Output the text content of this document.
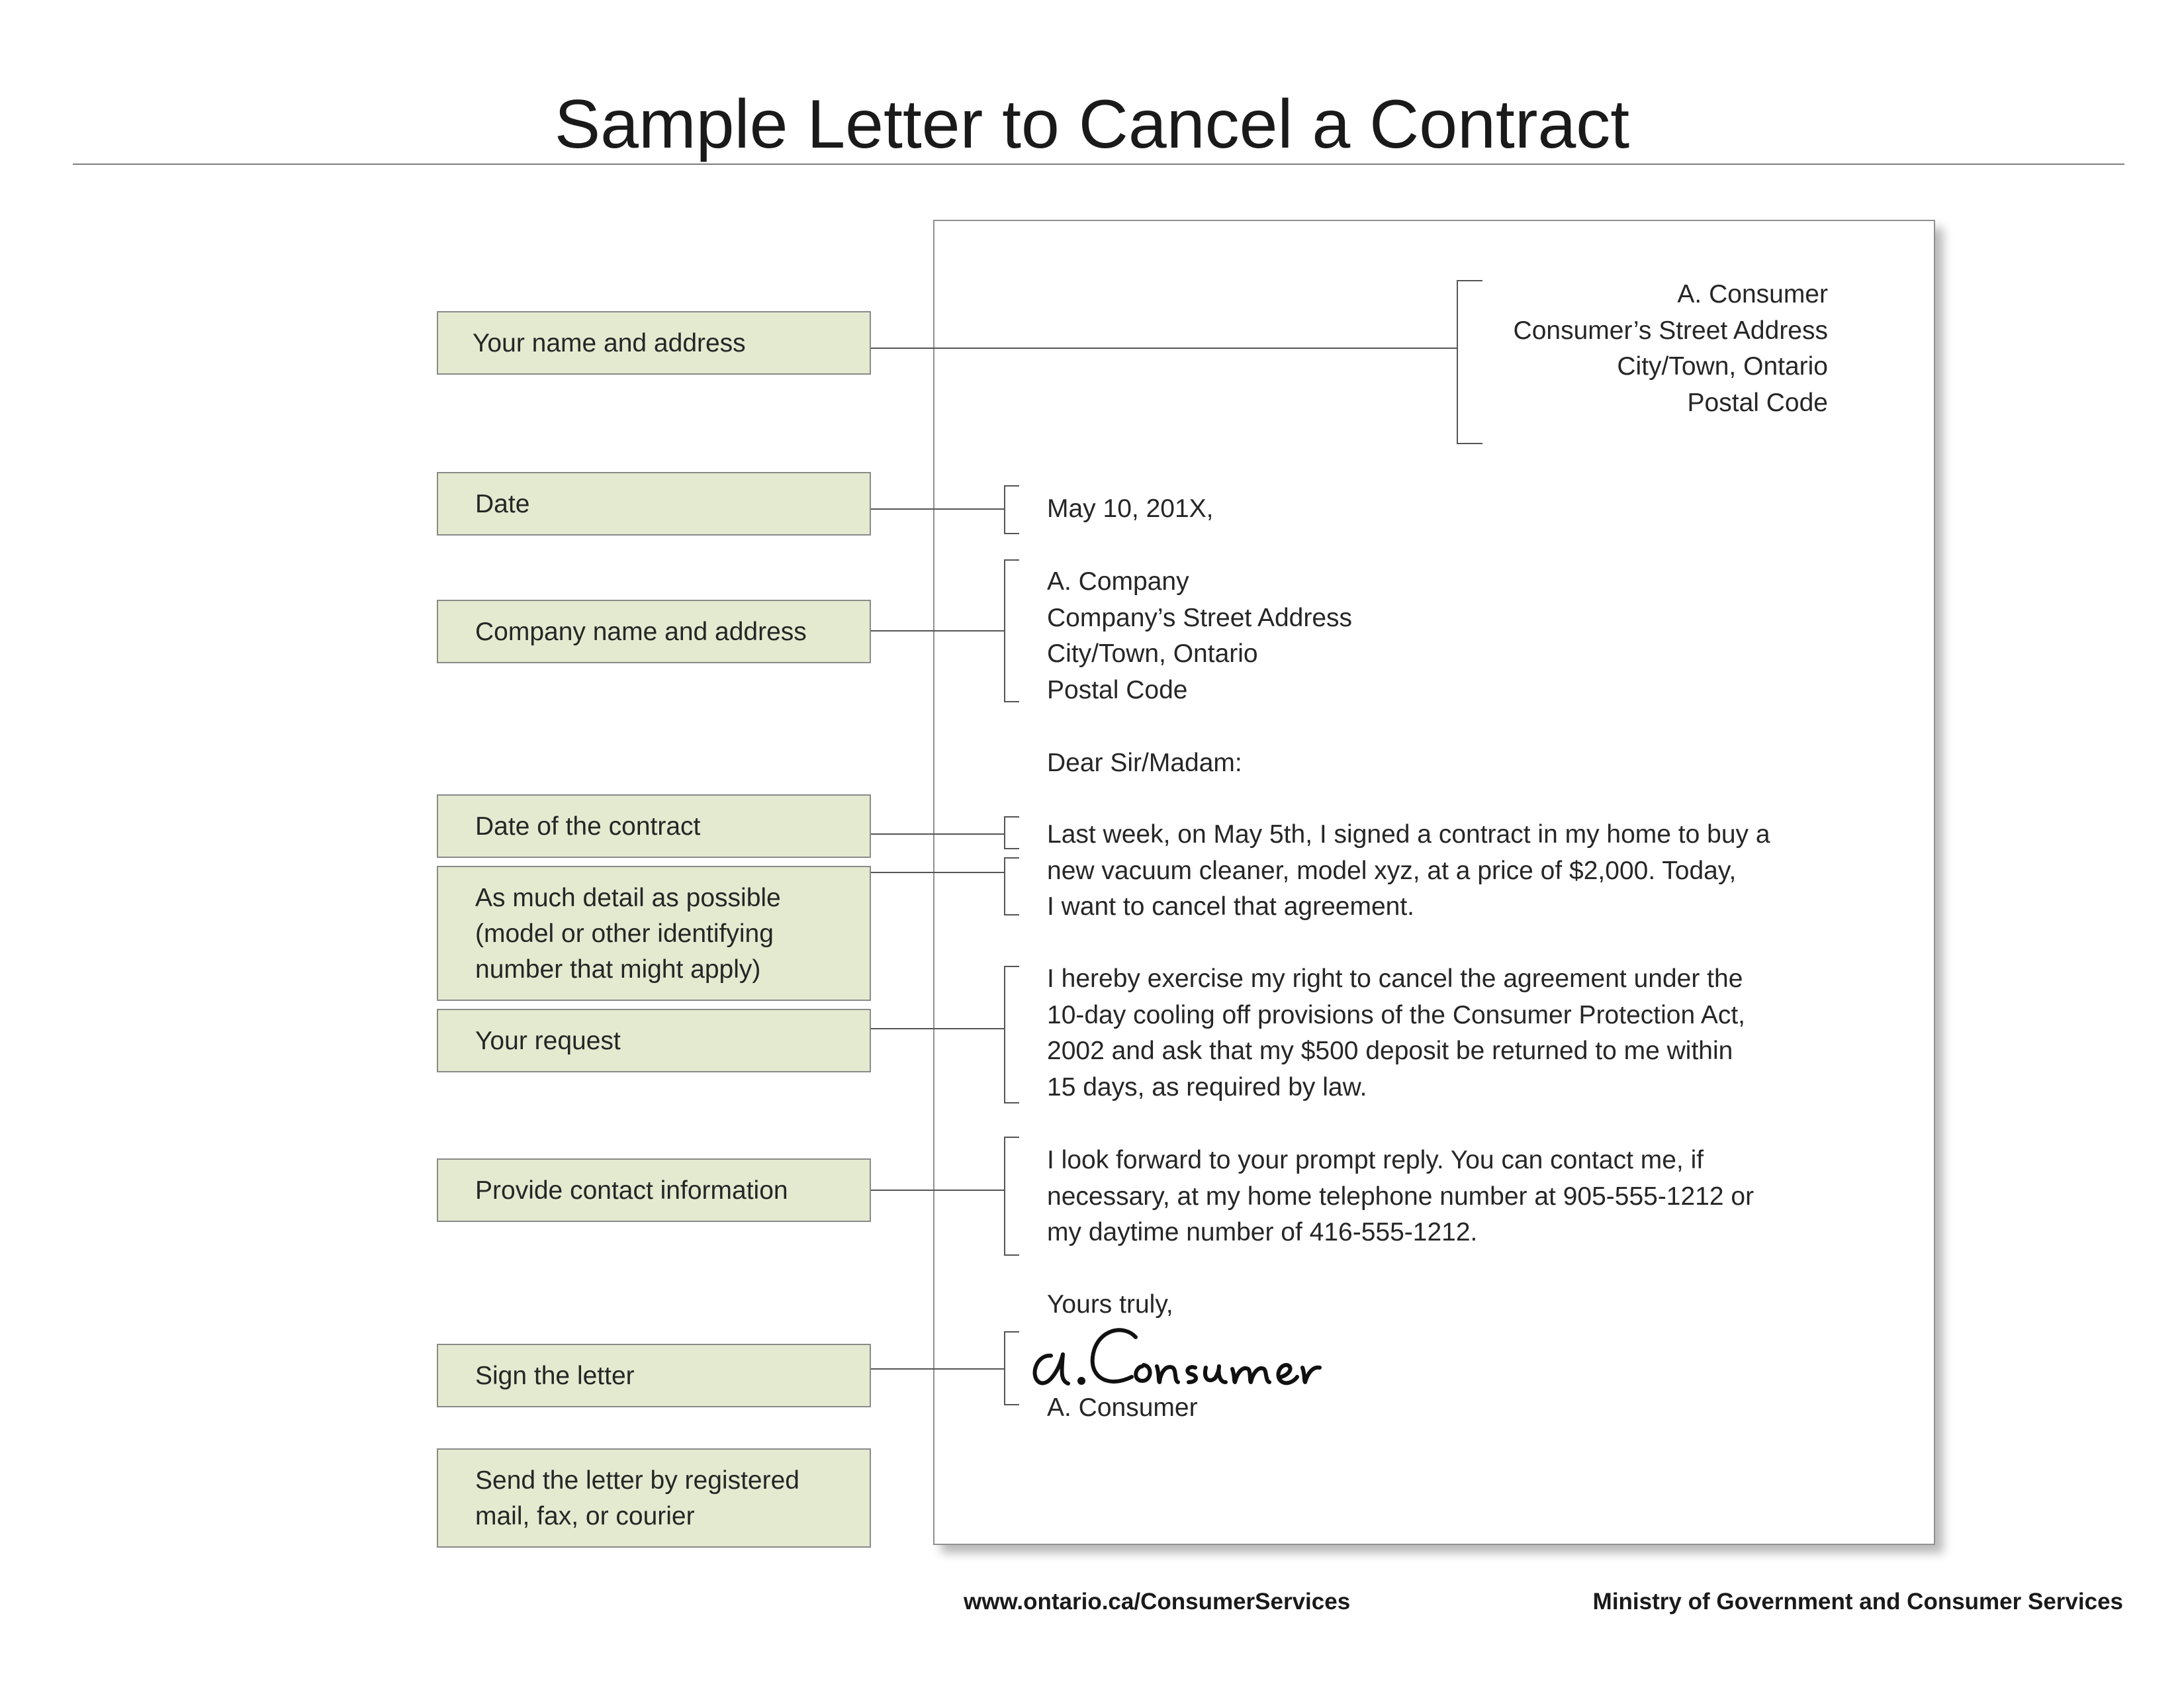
Sample Letter to Cancel a Contract
Your name and address
Date
Company name and address
Date of the contract
As much detail as possible
(model or other identifying
number that might apply)
Your request
Provide contact information
Sign the letter
Send the letter by registered
mail, fax, or courier
A. Consumer
Consumer’s Street Address
City/Town, Ontario
Postal Code
May 10, 201X,
A. Company
Company’s Street Address
City/Town, Ontario
Postal Code
Dear Sir/Madam:
Last week, on May 5th, I signed a contract in my home to buy a
new vacuum cleaner, model xyz, at a price of $2,000. Today,
I want to cancel that agreement.
I hereby exercise my right to cancel the agreement under the
10-day cooling off provisions of the Consumer Protection Act,
2002 and ask that my $500 deposit be returned to me within
15 days, as required by law.
I look forward to your prompt reply. You can contact me, if
necessary, at my home telephone number at 905-555-1212 or
my daytime number of 416-555-1212.
Yours truly,
A. Consumer
www.ontario.ca/ConsumerServices	Ministry of Government and Consumer Services
